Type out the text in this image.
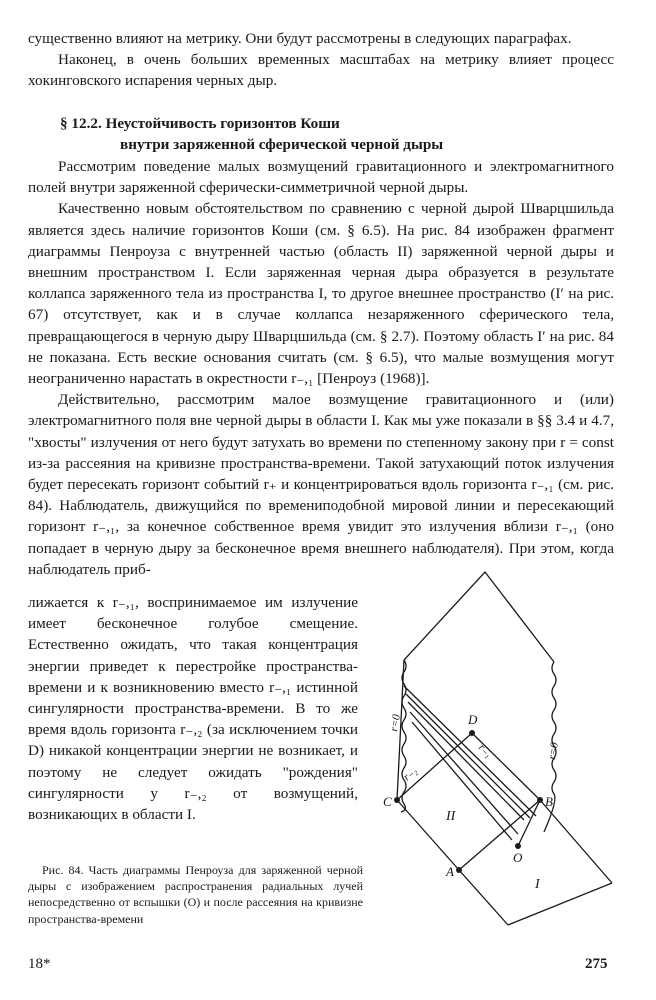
существенно влияют на метрику. Они будут рассмотрены в следующих параграфах.

Наконец, в очень больших временных масштабах на метрику влияет процесс хокинговского испарения черных дыр.

§ 12.2. Неустойчивость горизонтов Коши
внутри заряженной сферической черной дыры

Рассмотрим поведение малых возмущений гравитационного и электромагнитного полей внутри заряженной сферически-симметричной черной дыры.

Качественно новым обстоятельством по сравнению с черной дырой Шварцшильда является здесь наличие горизонтов Коши (см. § 6.5). На рис. 84 изображен фрагмент диаграммы Пенроуза с внутренней частью (область II) заряженной черной дыры и внешним пространством I. Если заряженная черная дыра образуется в результате коллапса заряженного тела из пространства I, то другое внешнее пространство (I′ на рис. 67) отсутствует, как и в случае коллапса незаряженного сферического тела, превращающегося в черную дыру Шварцшильда (см. § 2.7). Поэтому область I′ на рис. 84 не показана. Есть веские основания считать (см. § 6.5), что малые возмущения могут неограниченно нарастать в окрестности r₋,₁ [Пенроуз (1968)].

Действительно, рассмотрим малое возмущение гравитационного и (или) электромагнитного поля вне черной дыры в области I. Как мы уже показали в §§ 3.4 и 4.7, "хвосты" излучения от него будут затухать во времени по степенному закону при r = const из-за рассеяния на кривизне пространства-времени. Такой затухающий поток излучения будет пересекать горизонт событий r₊ и концентрироваться вдоль горизонта r₋,₁ (см. рис. 84). Наблюдатель, движущийся по времениподобной мировой линии и пересекающий горизонт r₋,₁, за конечное собственное время увидит это излучения вблизи r₋,₁ (оно попадает в черную дыру за бесконечное время внешнего наблюдателя). При этом, когда наблюдатель приб-

лижается к r₋,₁, воспринимаемое им излучение имеет бесконечное голубое смещение. Естественно ожидать, что такая концентрация энергии приведет к перестройке пространства-времени и к возникновению вместо r₋,₁ истинной сингулярности пространства-времени. В то же время вдоль горизонта r₋,₂ (за исключением точки D) никакой концентрации энергии не возникает, и поэтому не следует ожидать "рождения" сингулярности у r₋,₂ от возмущений, возникающих в области I.

Рис. 84. Часть диаграммы Пенроуза для заряженной черной дыры с изображением распространения радиальных лучей непосредственно от вспышки (O) и после рассеяния на кривизне пространства-времени
D
C	B
A
O
II
I
r=0
r=0
r₋₁
r₋₂
18*	275
